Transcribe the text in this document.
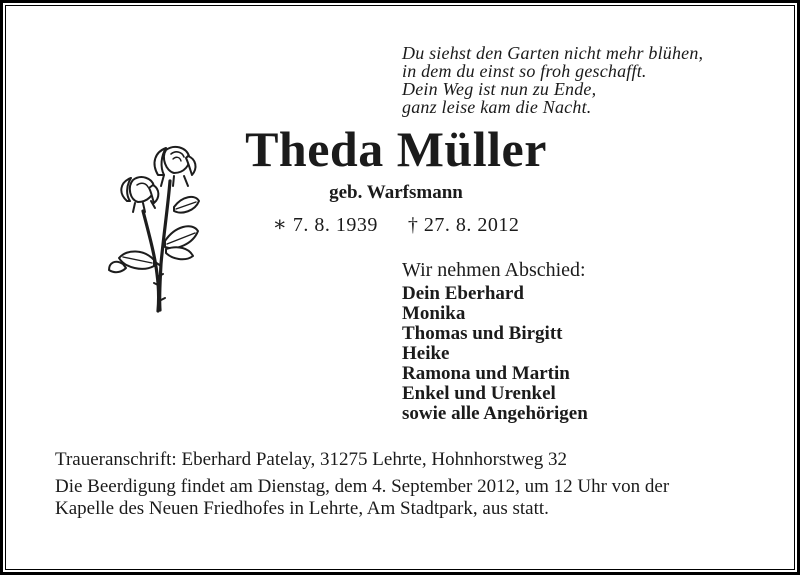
Du siehst den Garten nicht mehr blühen,
in dem du einst so froh geschafft.
Dein Weg ist nun zu Ende,
ganz leise kam die Nacht.
Theda Müller
geb. Warfsmann
∗ 7. 8. 1939 † 27. 8. 2012
Wir nehmen Abschied:
Dein Eberhard
Monika
Thomas und Birgitt
Heike
Ramona und Martin
Enkel und Urenkel
sowie alle Angehörigen
Traueranschrift: Eberhard Patelay, 31275 Lehrte, Hohnhorstweg 32
Die Beerdigung findet am Dienstag, dem 4. September 2012, um 12 Uhr von der Kapelle des Neuen Friedhofes in Lehrte, Am Stadtpark, aus statt.
